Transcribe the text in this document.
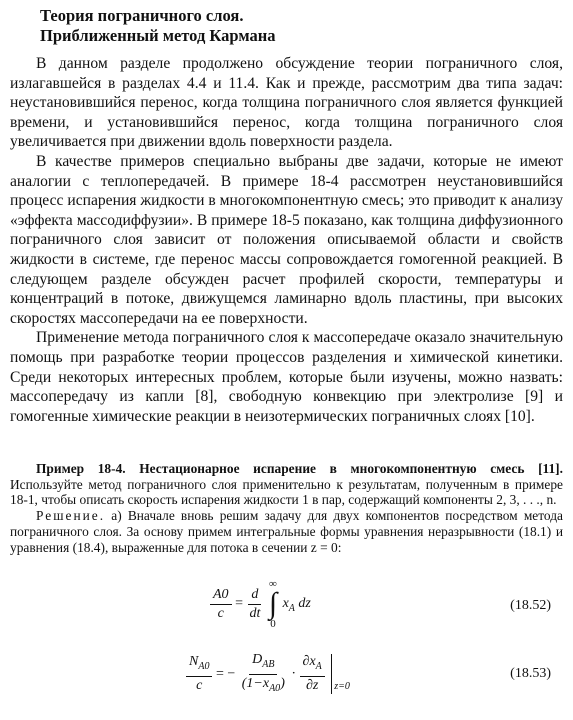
Теория пограничного слоя.
Приближенный метод Кармана

В данном разделе продолжено обсуждение теории пограничного слоя, излагавшейся в разделах 4.4 и 11.4. Как и прежде, рассмотрим два типа задач: неустановившийся перенос, когда толщина пограничного слоя является функцией времени, и установившийся перенос, когда толщина пограничного слоя увеличивается при движении вдоль поверхности раздела.

В качестве примеров специально выбраны две задачи, которые не имеют аналогии с теплопередачей. В примере 18-4 рассмотрен неустановившийся процесс испарения жидкости в многокомпонентную смесь; это приводит к анализу «эффекта массодиффузии». В примере 18-5 показано, как толщина диффузионного пограничного слоя зависит от положения описываемой области и свойств жидкости в системе, где перенос массы сопровождается гомогенной реакцией. В следующем разделе обсужден расчет профилей скорости, температуры и концентраций в потоке, движущемся ламинарно вдоль пластины, при высоких скоростях массопередачи на ее поверхности.

Применение метода пограничного слоя к массопередаче оказало значительную помощь при разработке теории процессов разделения и химической кинетики. Среди некоторых интересных проблем, которые были изучены, можно назвать: массопередачу из капли [8], свободную конвекцию при электролизе [9] и гомогенные химические реакции в неизотермических пограничных слоях [10].

Пример 18-4. Нестационарное испарение в многокомпонентную смесь [11]. Используйте метод пограничного слоя применительно к результатам, полученным в примере 18-1, чтобы описать скорость испарения жидкости 1 в пар, содержащий компоненты 2, 3, . . ., n.

Решение. а) Вначале вновь решим задачу для двух компонентов посредством метода пограничного слоя. За основу примем интегральные формы уравнения неразрывности (18.1) и уравнения (18.4), выраженные для потока в сечении z = 0:

$\frac{A0}{c} = \frac{d}{dt}$

∞
∫
0
$x_A$ dz	(18.52)
$\frac{N_{A0}}{c}$ = − $\frac{D_{AB}}{(1-x_{A0})} \cdot \frac{\partial x_A}{\partial z} z=0$
(18.53)
